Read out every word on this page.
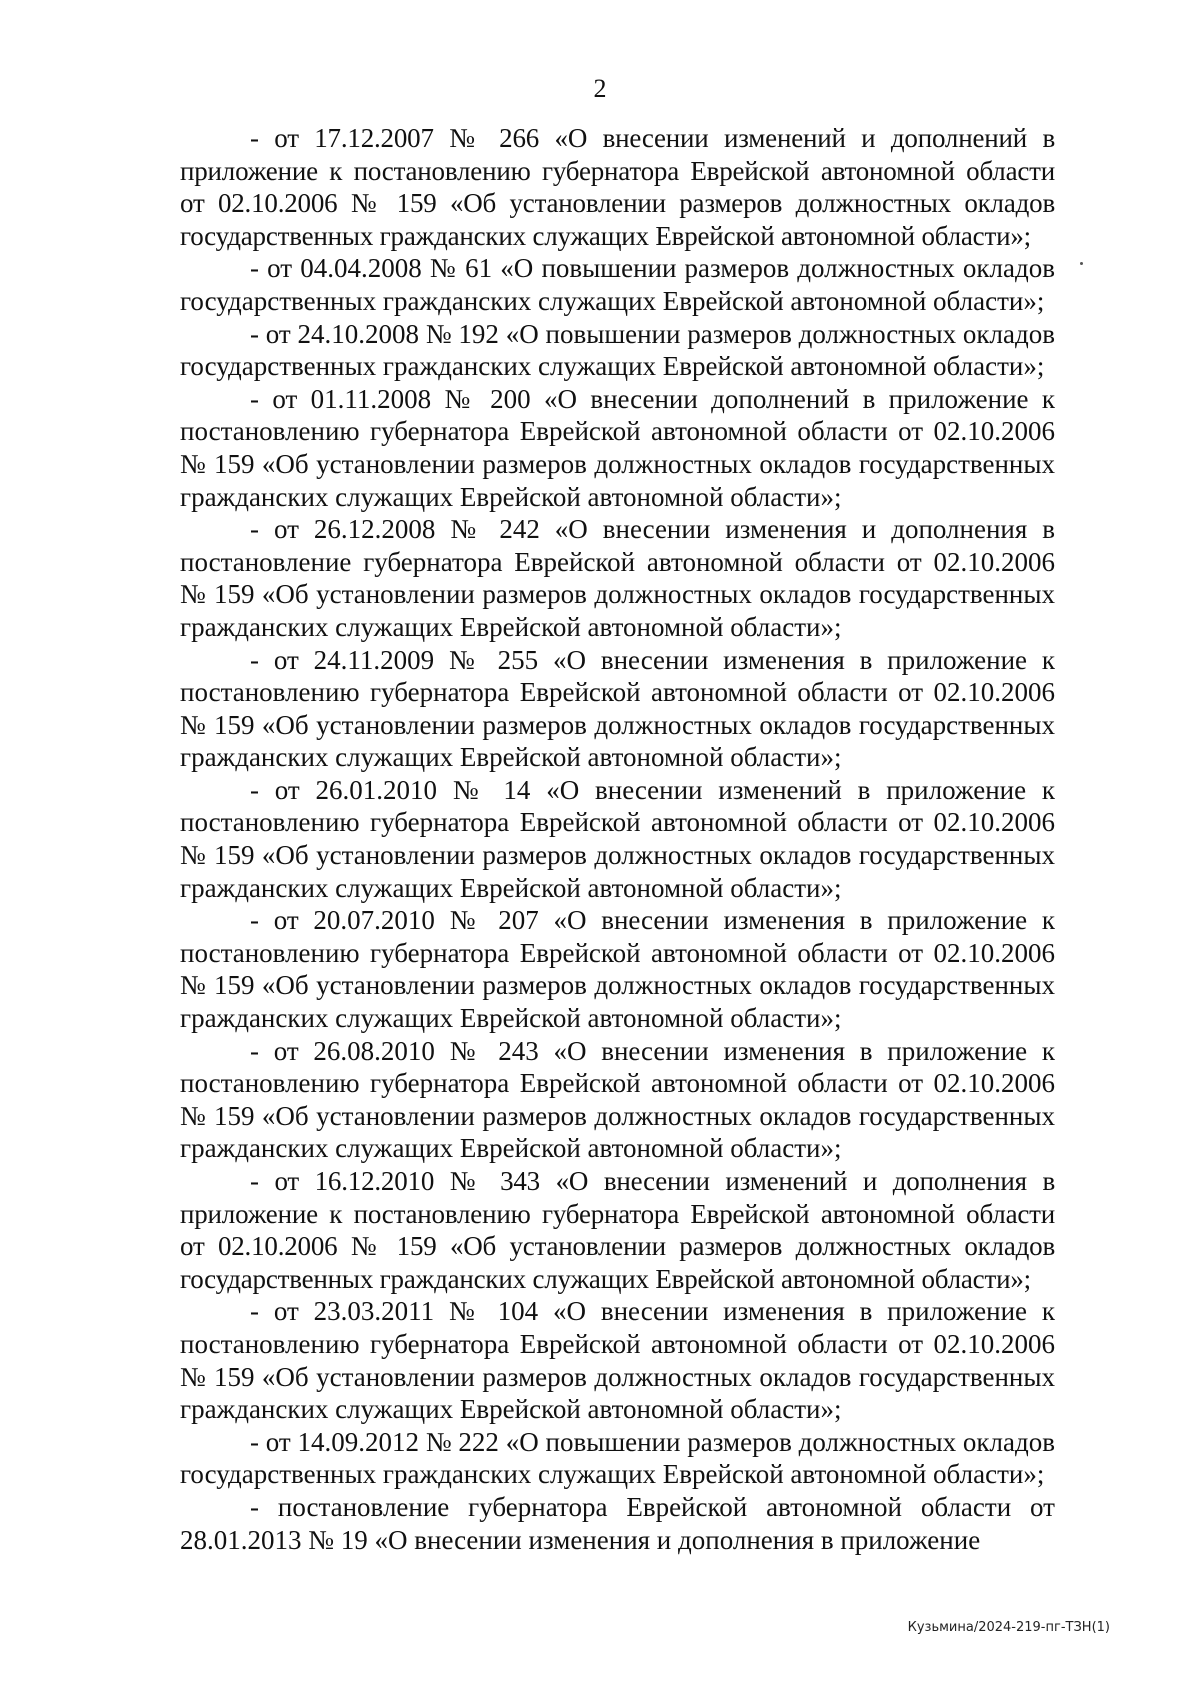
2

- от 17.12.2007 № 266 «О внесении изменений и дополнений в приложение к постановлению губернатора Еврейской автономной области от 02.10.2006 № 159 «Об установлении размеров должностных окладов государственных гражданских служащих Еврейской автономной области»;

- от 04.04.2008 № 61 «О повышении размеров должностных окладов государственных гражданских служащих Еврейской автономной области»;

- от 24.10.2008 № 192 «О повышении размеров должностных окладов государственных гражданских служащих Еврейской автономной области»;

- от 01.11.2008 № 200 «О внесении дополнений в приложение к постановлению губернатора Еврейской автономной области от 02.10.2006 № 159 «Об установлении размеров должностных окладов государственных гражданских служащих Еврейской автономной области»;

- от 26.12.2008 № 242 «О внесении изменения и дополнения в постановление губернатора Еврейской автономной области от 02.10.2006 № 159 «Об установлении размеров должностных окладов государственных гражданских служащих Еврейской автономной области»;

- от 24.11.2009 № 255 «О внесении изменения в приложение к постановлению губернатора Еврейской автономной области от 02.10.2006 № 159 «Об установлении размеров должностных окладов государственных гражданских служащих Еврейской автономной области»;

- от 26.01.2010 № 14 «О внесении изменений в приложение к постановлению губернатора Еврейской автономной области от 02.10.2006 № 159 «Об установлении размеров должностных окладов государственных гражданских служащих Еврейской автономной области»;

- от 20.07.2010 № 207 «О внесении изменения в приложение к постановлению губернатора Еврейской автономной области от 02.10.2006 № 159 «Об установлении размеров должностных окладов государственных гражданских служащих Еврейской автономной области»;

- от 26.08.2010 № 243 «О внесении изменения в приложение к постановлению губернатора Еврейской автономной области от 02.10.2006 № 159 «Об установлении размеров должностных окладов государственных гражданских служащих Еврейской автономной области»;

- от 16.12.2010 № 343 «О внесении изменений и дополнения в приложение к постановлению губернатора Еврейской автономной области от 02.10.2006 № 159 «Об установлении размеров должностных окладов государственных гражданских служащих Еврейской автономной области»;

- от 23.03.2011 № 104 «О внесении изменения в приложение к постановлению губернатора Еврейской автономной области от 02.10.2006 № 159 «Об установлении размеров должностных окладов государственных гражданских служащих Еврейской автономной области»;

- от 14.09.2012 № 222 «О повышении размеров должностных окладов государственных гражданских служащих Еврейской автономной области»;

- постановление губернатора Еврейской автономной области от 28.01.2013 № 19 «О внесении изменения и дополнения в приложение

Кузьмина/2024-219-пг-ТЗН(1)
